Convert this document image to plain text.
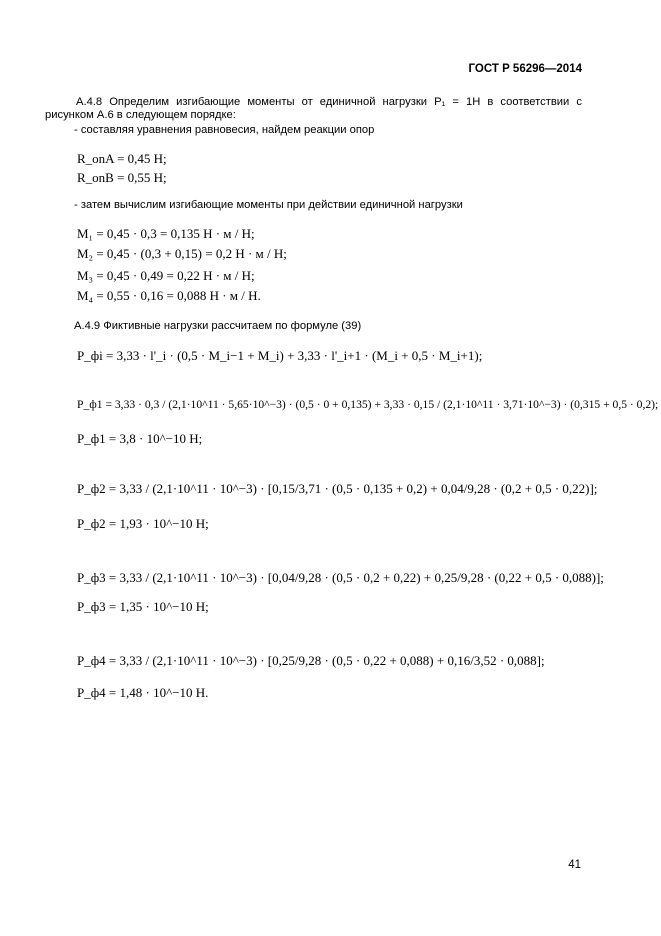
ГОСТ Р 56296—2014

А.4.8 Определим изгибающие моменты от единичной нагрузки P₁ = 1Н в соответствии с рисунком А.6 в следующем порядке:

- составляя уравнения равновесия, найдем реакции опор
R_onA = 0,45 Н;
R_onB = 0,55 Н;
- затем вычислим изгибающие моменты при действии единичной нагрузки
M₁ = 0,45 · 0,3 = 0,135 Н · м / Н;
M₂ = 0,45 · (0,3 + 0,15) = 0,2 Н · м / Н;
M₃ = 0,45 · 0,49 = 0,22 Н · м / Н;
M₄ = 0,55 · 0,16 = 0,088 Н · м / Н.
А.4.9 Фиктивные нагрузки рассчитаем по формуле (39)
P_фi = 3,33 · l'_i · (0,5 · M_i−1 + M_i) + 3,33 · l'_i+1 · (M_i + 0,5 · M_i+1);
P_ф1 = 3,33 · 0,3 / (2,1·10^11 · 5,65·10^−3) · (0,5 · 0 + 0,135) + 3,33 · 0,15 / (2,1·10^11 · 3,71·10^−3) · (0,315 + 0,5 · 0,2);
P_ф1 = 3,8 · 10^−10 Н;
P_ф2 = 3,33 / (2,1·10^11 · 10^−3) · [0,15/3,71 · (0,5 · 0,135 + 0,2) + 0,04/9,28 · (0,2 + 0,5 · 0,22)];
P_ф2 = 1,93 · 10^−10 Н;
P_ф3 = 3,33 / (2,1·10^11 · 10^−3) · [0,04/9,28 · (0,5 · 0,2 + 0,22) + 0,25/9,28 · (0,22 + 0,5 · 0,088)];
P_ф3 = 1,35 · 10^−10 Н;
P_ф4 = 3,33 / (2,1·10^11 · 10^−3) · [0,25/9,28 · (0,5 · 0,22 + 0,088) + 0,16/3,52 · 0,088];
P_ф4 = 1,48 · 10^−10 Н.
41
